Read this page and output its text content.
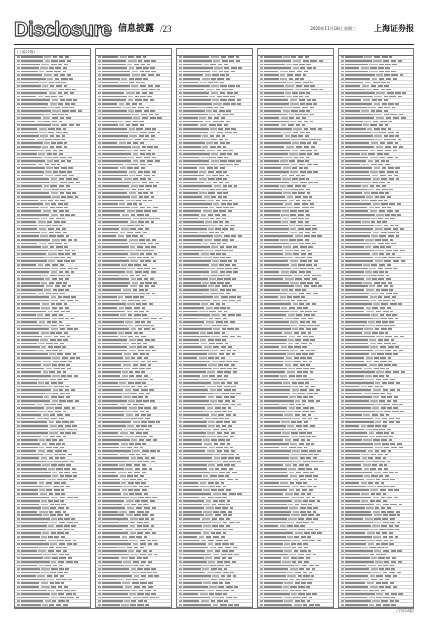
Disclosure 信息披露 /23	2020年11月18日 星期三 上海证券报
(上接22版)
(下转24版)
